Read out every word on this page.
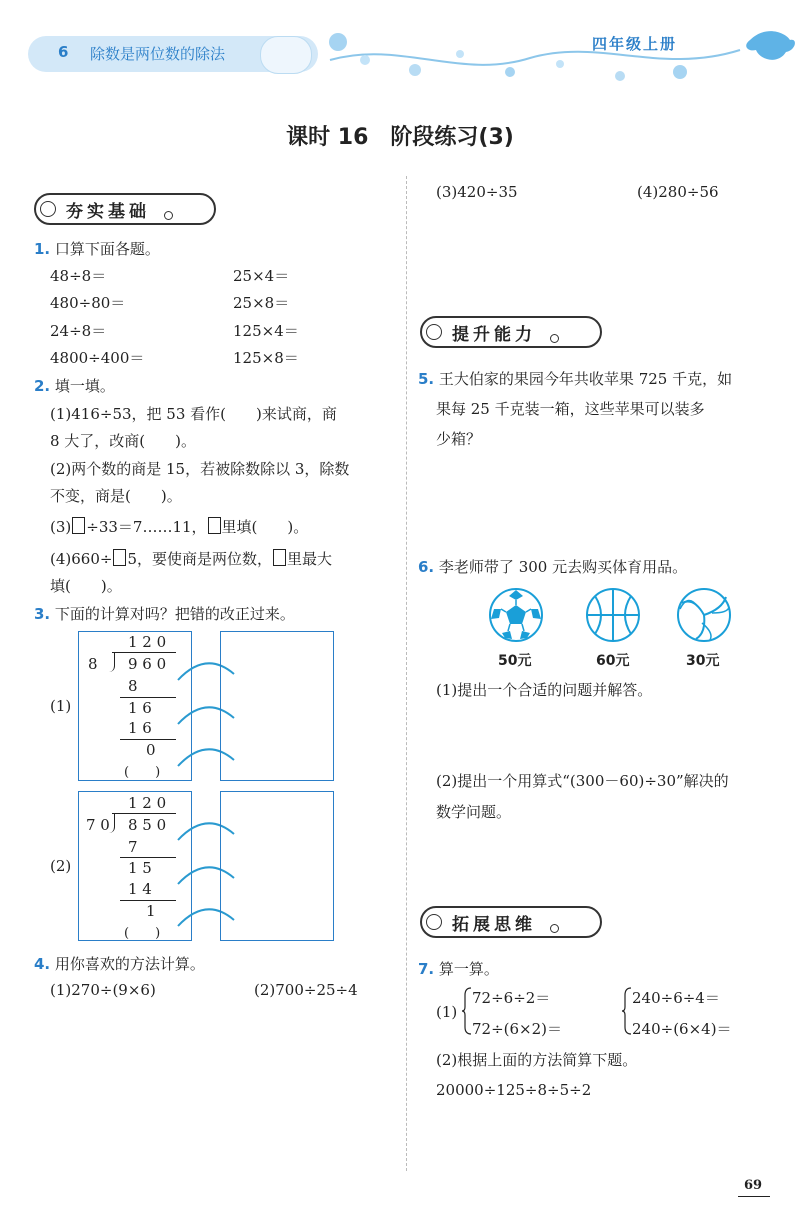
6 除数是两位数的除法
四年级上册
课时 16　阶段练习(3)
夯实基础
1. 口算下面各题。
48÷8＝	25×4＝
480÷80＝	25×8＝
24÷8＝	125×4＝
4800÷400＝	125×8＝
2. 填一填。
(1)416÷53，把 53 看作(　　)来试商，商
8 大了，改商(　　)。
(2)两个数的商是 15，若被除数除以 3，除数
不变，商是(　　)。
(3) ÷33＝7……11， 里填(　　)。
(4)660÷ 5，要使商是两位数， 里最大
填(　　)。
3. 下面的计算对吗？把错的改正过来。
(1)
1 2 0
8 9 6 0
8
1 6
1 6
0
(　　)
(2)
1 2 0
7 0 8 5 0
7
1 5
1 4
1
(　　)
4. 用你喜欢的方法计算。
(1)270÷(9×6)	(2)700÷25÷4
(3)420÷35	(4)280÷56
提升能力
5. 王大伯家的果园今年共收苹果 725 千克，如
果每 25 千克装一箱，这些苹果可以装多
少箱？
6. 李老师带了 300 元去购买体育用品。
50元	60元	30元
(1)提出一个合适的问题并解答。
(2)提出一个用算式“(300－60)÷30”解决的
数学问题。
拓展思维
7. 算一算。
(1)
72÷6÷2＝
72÷(6×2)＝
240÷6÷4＝
240÷(6×4)＝
(2)根据上面的方法简算下题。
20000÷125÷8÷5÷2
69
